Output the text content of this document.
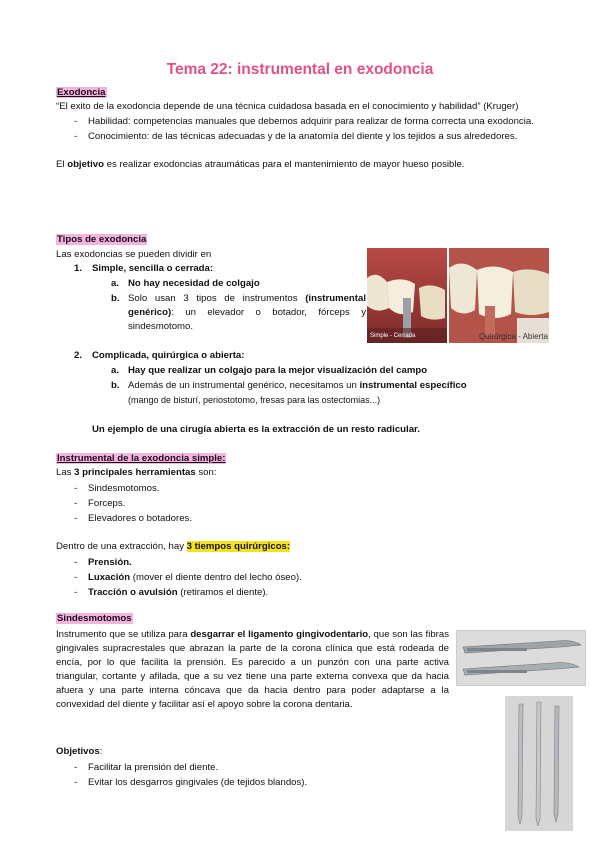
Tema 22: instrumental en exodoncia
Exodoncia
“El exito de la exodoncia depende de una técnica cuidadosa basada en el conocimiento y habilidad” (Kruger)
- Habilidad: competencias manuales que debemos adquirir para realizar de forma correcta una exodoncia.
- Conocimiento: de las técnicas adecuadas y de la anatomía del diente y los tejidos a sus alrededores.
El objetivo es realizar exodoncias atraumáticas para el mantenimiento de mayor hueso posible.
Tipos de exodoncia
Las exodoncias se pueden dividir en
1. Simple, sencilla o cerrada:
a. No hay necesidad de colgajo
b. Solo usan 3 tipos de instrumentos (instrumental genérico): un elevador o botador, fórceps y sindesmotomo.
Simple - Cerrada	Quirúrgica - Abierta
2. Complicada, quirúrgica o abierta:
a. Hay que realizar un colgajo para la mejor visualización del campo
b. Además de un instrumental genérico, necesitamos un instrumental específico
(mango de bisturí, periostotomo, fresas para las ostectomias...)
Un ejemplo de una cirugía abierta es la extracción de un resto radicular.
Instrumental de la exodoncia simple:
Las 3 principales herramientas son:
- Sindesmotomos.
- Forceps.
- Elevadores o botadores.
Dentro de una extracción, hay 3 tiempos quirúrgicos:
- Prensión.
- Luxación (mover el diente dentro del lecho óseo).
- Tracción o avulsión (retiramos el diente).
Sindesmotomos
Instrumento que se utiliza para desgarrar el ligamento gingivodentario, que son las fibras gingivales supracrestales que abrazan la parte de la corona clínica que está rodeada de encía, por lo que facilita la prensión. Es parecido a un punzón con una parte activa triangular, cortante y afilada, que a su vez tiene una parte externa convexa que da hacia afuera y una parte interna cóncava que da hacia dentro para poder adaptarse a la convexidad del diente y facilitar así el apoyo sobre la corona dentaria.
Objetivos:
- Facilitar la prensión del diente.
- Evitar los desgarros gingivales (de tejidos blandos).
